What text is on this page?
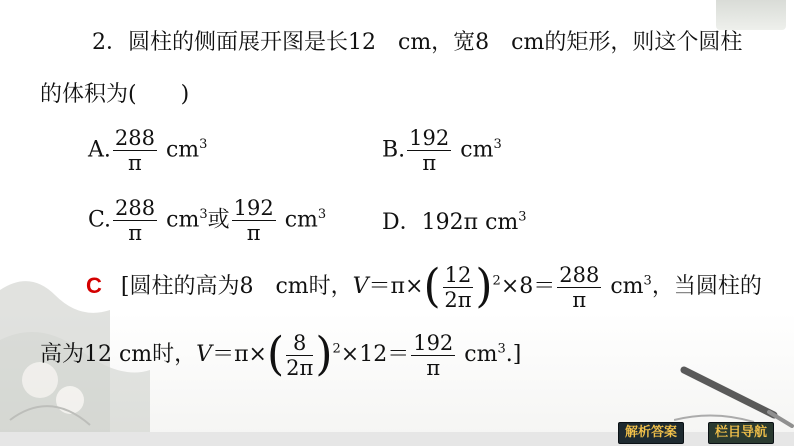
2．圆柱的侧面展开图是长12　cm，宽8　cm的矩形，则这个圆柱
的体积为(　　)
A. $\frac{288}{\pi} cm^3$	B. $\frac{192}{\pi} cm^3$
C. $\frac{288}{\pi} cm^3$或 $\frac{192}{\pi} cm^3$	D．192π $cm^3$
C [圆柱的高为8　cm时，$V=\pi\times( \frac{12}{2\pi} )^2\times 8= \frac{288}{\pi} cm^3$，当圆柱的
高为12 cm时，$V=\pi\times( \frac{8}{2\pi} )^2\times 12= \frac{192}{\pi} cm^3$.]
解析答案	栏目导航
